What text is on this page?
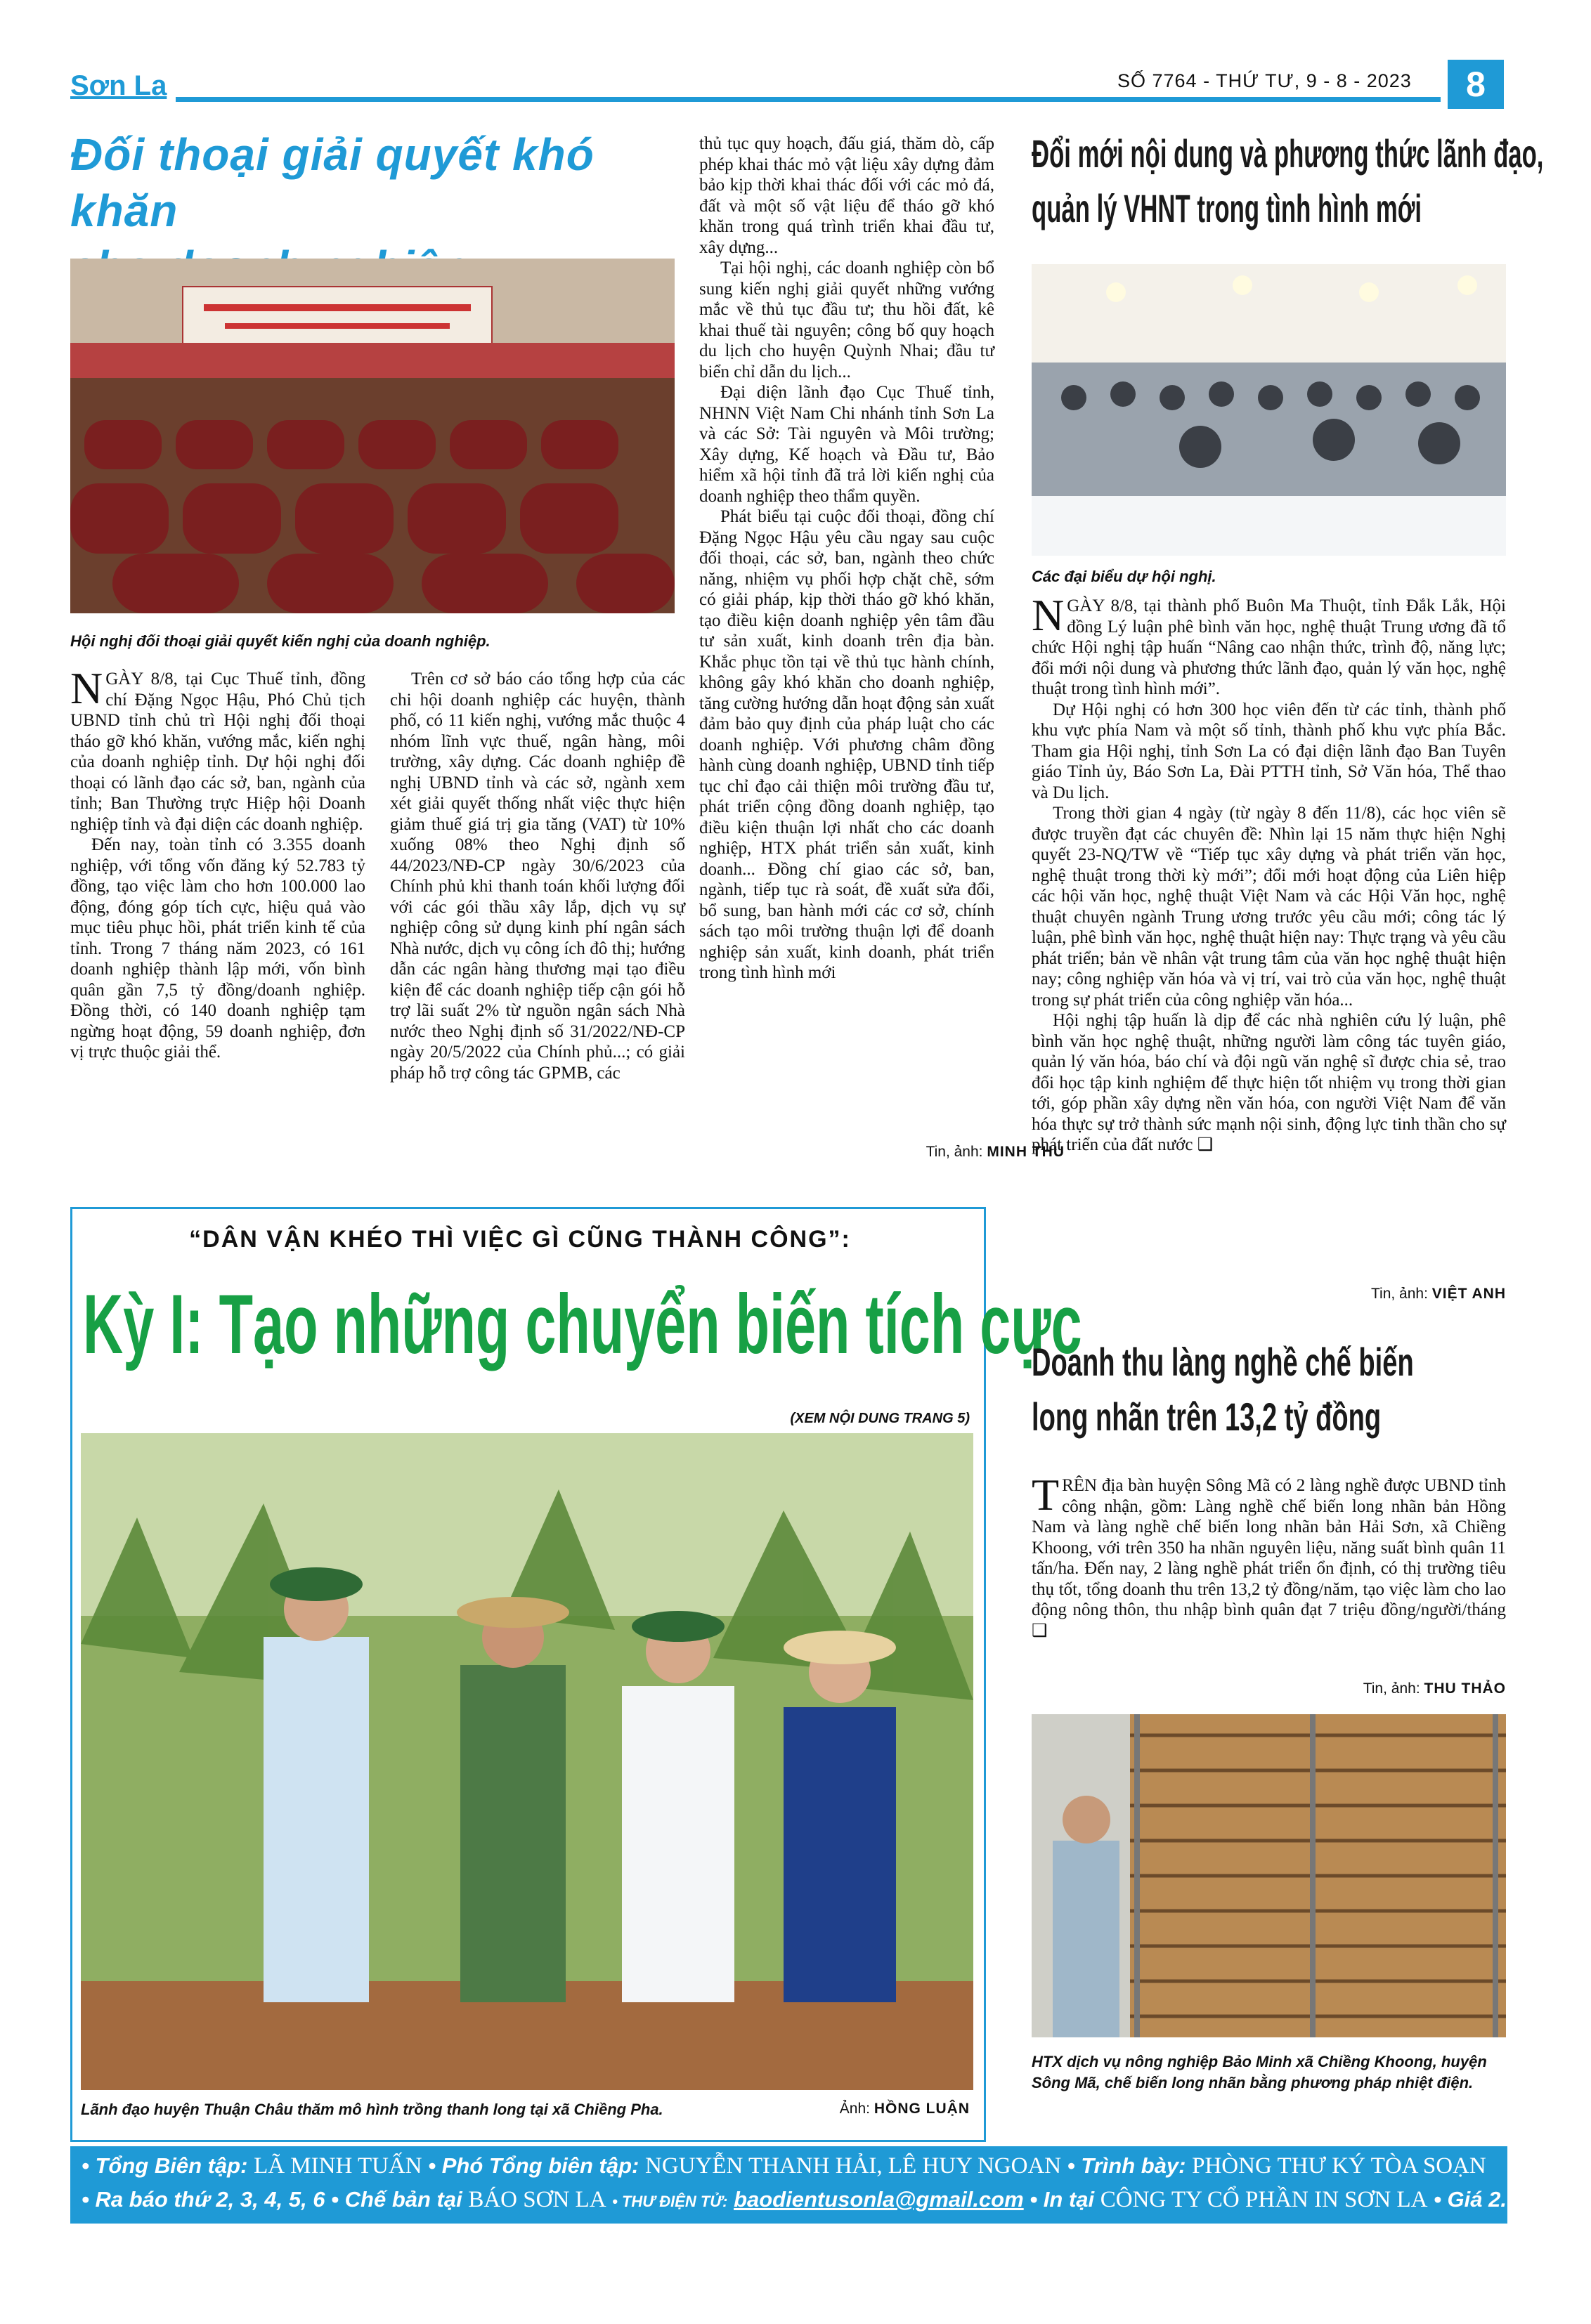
Sơn La	SỐ 7764 - THỨ TƯ, 9 - 8 - 2023	8
Đối thoại giải quyết khó khăn
Hội nghị đối thoại giải quyết kiến nghị của doanh nghiệp.

NGÀY 8/8, tại Cục Thuế tỉnh, đồng chí Đặng Ngọc Hậu, Phó Chủ tịch UBND tỉnh chủ trì Hội nghị đối thoại tháo gỡ khó khăn, vướng mắc, kiến nghị của doanh nghiệp tỉnh. Dự hội nghị đối thoại có lãnh đạo các sở, ban, ngành của tỉnh; Ban Thường trực Hiệp hội Doanh nghiệp tỉnh và đại diện các doanh nghiệp.

Đến nay, toàn tỉnh có 3.355 doanh nghiệp, với tổng vốn đăng ký 52.783 tỷ đồng, tạo việc làm cho hơn 100.000 lao động, đóng góp tích cực, hiệu quả vào mục tiêu phục hồi, phát triển kinh tế của tỉnh. Trong 7 tháng năm 2023, có 161 doanh nghiệp thành lập mới, vốn bình quân gần 7,5 tỷ đồng/doanh nghiệp. Đồng thời, có 140 doanh nghiệp tạm ngừng hoạt động, 59 doanh nghiệp, đơn vị trực thuộc giải thể.

Trên cơ sở báo cáo tổng hợp của các chi hội doanh nghiệp các huyện, thành phố, có 11 kiến nghị, vướng mắc thuộc 4 nhóm lĩnh vực thuế, ngân hàng, môi trường, xây dựng. Các doanh nghiệp đề nghị UBND tỉnh và các sở, ngành xem xét giải quyết thống nhất việc thực hiện giảm thuế giá trị gia tăng (VAT) từ 10% xuống 08% theo Nghị định số 44/2023/NĐ-CP ngày 30/6/2023 của Chính phủ khi thanh toán khối lượng đối với các gói thầu xây lắp, dịch vụ sự nghiệp công sử dụng kinh phí ngân sách Nhà nước, dịch vụ công ích đô thị; hướng dẫn các ngân hàng thương mại tạo điều kiện để các doanh nghiệp tiếp cận gói hỗ trợ lãi suất 2% từ nguồn ngân sách Nhà nước theo Nghị định số 31/2022/NĐ-CP ngày 20/5/2022 của Chính phủ...; có giải pháp hỗ trợ công tác GPMB, các

thủ tục quy hoạch, đấu giá, thăm dò, cấp phép khai thác mỏ vật liệu xây dựng đảm bảo kịp thời khai thác đối với các mỏ đá, đất và một số vật liệu để tháo gỡ khó khăn trong quá trình triển khai đầu tư, xây dựng...

Tại hội nghị, các doanh nghiệp còn bổ sung kiến nghị giải quyết những vướng mắc về thủ tục đầu tư; thu hồi đất, kê khai thuế tài nguyên; công bố quy hoạch du lịch cho huyện Quỳnh Nhai; đầu tư biển chỉ dẫn du lịch...

Đại diện lãnh đạo Cục Thuế tỉnh, NHNN Việt Nam Chi nhánh tỉnh Sơn La và các Sở: Tài nguyên và Môi trường; Xây dựng, Kế hoạch và Đầu tư, Bảo hiểm xã hội tỉnh đã trả lời kiến nghị của doanh nghiệp theo thẩm quyền.

Phát biểu tại cuộc đối thoại, đồng chí Đặng Ngọc Hậu yêu cầu ngay sau cuộc đối thoại, các sở, ban, ngành theo chức năng, nhiệm vụ phối hợp chặt chẽ, sớm có giải pháp, kịp thời tháo gỡ khó khăn, tạo điều kiện doanh nghiệp yên tâm đầu tư sản xuất, kinh doanh trên địa bàn. Khắc phục tồn tại về thủ tục hành chính, không gây khó khăn cho doanh nghiệp, tăng cường hướng dẫn hoạt động sản xuất đảm bảo quy định của pháp luật cho các doanh nghiệp. Với phương châm đồng hành cùng doanh nghiệp, UBND tỉnh tiếp tục chỉ đạo cải thiện môi trường đầu tư, phát triển cộng đồng doanh nghiệp, tạo điều kiện thuận lợi nhất cho các doanh nghiệp, HTX phát triển sản xuất, kinh doanh... Đồng chí giao các sở, ban, ngành, tiếp tục rà soát, đề xuất sửa đổi, bổ sung, ban hành mới các cơ sở, chính sách tạo môi trường thuận lợi để doanh nghiệp sản xuất, kinh doanh, phát triển trong tình hình mới

Tin, ảnh: MINH THU
Đổi mới nội dung và phương thức lãnh đạo,
quản lý VHNT trong tình hình mới
Các đại biểu dự hội nghị.

NGÀY 8/8, tại thành phố Buôn Ma Thuột, tỉnh Đắk Lắk, Hội đồng Lý luận phê bình văn học, nghệ thuật Trung ương đã tổ chức Hội nghị tập huấn “Nâng cao nhận thức, trình độ, năng lực; đổi mới nội dung và phương thức lãnh đạo, quản lý văn học, nghệ thuật trong tình hình mới”.

Dự Hội nghị có hơn 300 học viên đến từ các tỉnh, thành phố khu vực phía Nam và một số tỉnh, thành phố khu vực phía Bắc. Tham gia Hội nghị, tỉnh Sơn La có đại diện lãnh đạo Ban Tuyên giáo Tỉnh ủy, Báo Sơn La, Đài PTTH tỉnh, Sở Văn hóa, Thể thao và Du lịch.

Trong thời gian 4 ngày (từ ngày 8 đến 11/8), các học viên sẽ được truyền đạt các chuyên đề: Nhìn lại 15 năm thực hiện Nghị quyết 23-NQ/TW về “Tiếp tục xây dựng và phát triển văn học, nghệ thuật trong thời kỳ mới”; đổi mới hoạt động của Liên hiệp các hội văn học, nghệ thuật Việt Nam và các Hội Văn học, nghệ thuật chuyên ngành Trung ương trước yêu cầu mới; công tác lý luận, phê bình văn học, nghệ thuật hiện nay: Thực trạng và yêu cầu phát triển; bản về nhân vật trung tâm của văn học nghệ thuật hiện nay; công nghiệp văn hóa và vị trí, vai trò của văn học, nghệ thuật trong sự phát triển của công nghiệp văn hóa...

Hội nghị tập huấn là dịp để các nhà nghiên cứu lý luận, phê bình văn học nghệ thuật, những người làm công tác tuyên giáo, quản lý văn hóa, báo chí và đội ngũ văn nghệ sĩ được chia sẻ, trao đổi học tập kinh nghiệm để thực hiện tốt nhiệm vụ trong thời gian tới, góp phần xây dựng nền văn hóa, con người Việt Nam để văn hóa thực sự trở thành sức mạnh nội sinh, động lực tinh thần cho sự phát triển của đất nước ❑

Tin, ảnh: VIỆT ANH
“DÂN VẬN KHÉO THÌ VIỆC GÌ CŨNG THÀNH CÔNG”:
Kỳ I: Tạo những chuyển biến tích cực
(XEM NỘI DUNG TRANG 5)
Lãnh đạo huyện Thuận Châu thăm mô hình trồng thanh long tại xã Chiềng Pha.	Ảnh: HỒNG LUẬN
Doanh thu làng nghề chế biến
long nhãn trên 13,2 tỷ đồng

TRÊN địa bàn huyện Sông Mã có 2 làng nghề được UBND tỉnh công nhận, gồm: Làng nghề chế biến long nhãn bản Hồng Nam và làng nghề chế biến long nhãn bản Hải Sơn, xã Chiềng Khoong, với trên 350 ha nhãn nguyên liệu, năng suất bình quân 11 tấn/ha. Đến nay, 2 làng nghề phát triển ổn định, có thị trường tiêu thụ tốt, tổng doanh thu trên 13,2 tỷ đồng/năm, tạo việc làm cho lao động nông thôn, thu nhập bình quân đạt 7 triệu đồng/người/tháng ❑

Tin, ảnh: THU THẢO
HTX dịch vụ nông nghiệp Bảo Minh xã Chiềng Khoong, huyện Sông Mã, chế biến long nhãn bằng phương pháp nhiệt điện.
• Tổng Biên tập: LÃ MINH TUẤN • Phó Tổng biên tập: NGUYỄN THANH HẢI, LÊ HUY NGOAN • Trình bày: PHÒNG THƯ KÝ TÒA SOẠN
• Ra báo thứ 2, 3, 4, 5, 6 • Chế bản tại BÁO SƠN LA • THƯ ĐIỆN TỬ: baodientusonla@gmail.com • In tại CÔNG TY CỔ PHẦN IN SƠN LA • Giá 2.000đ
